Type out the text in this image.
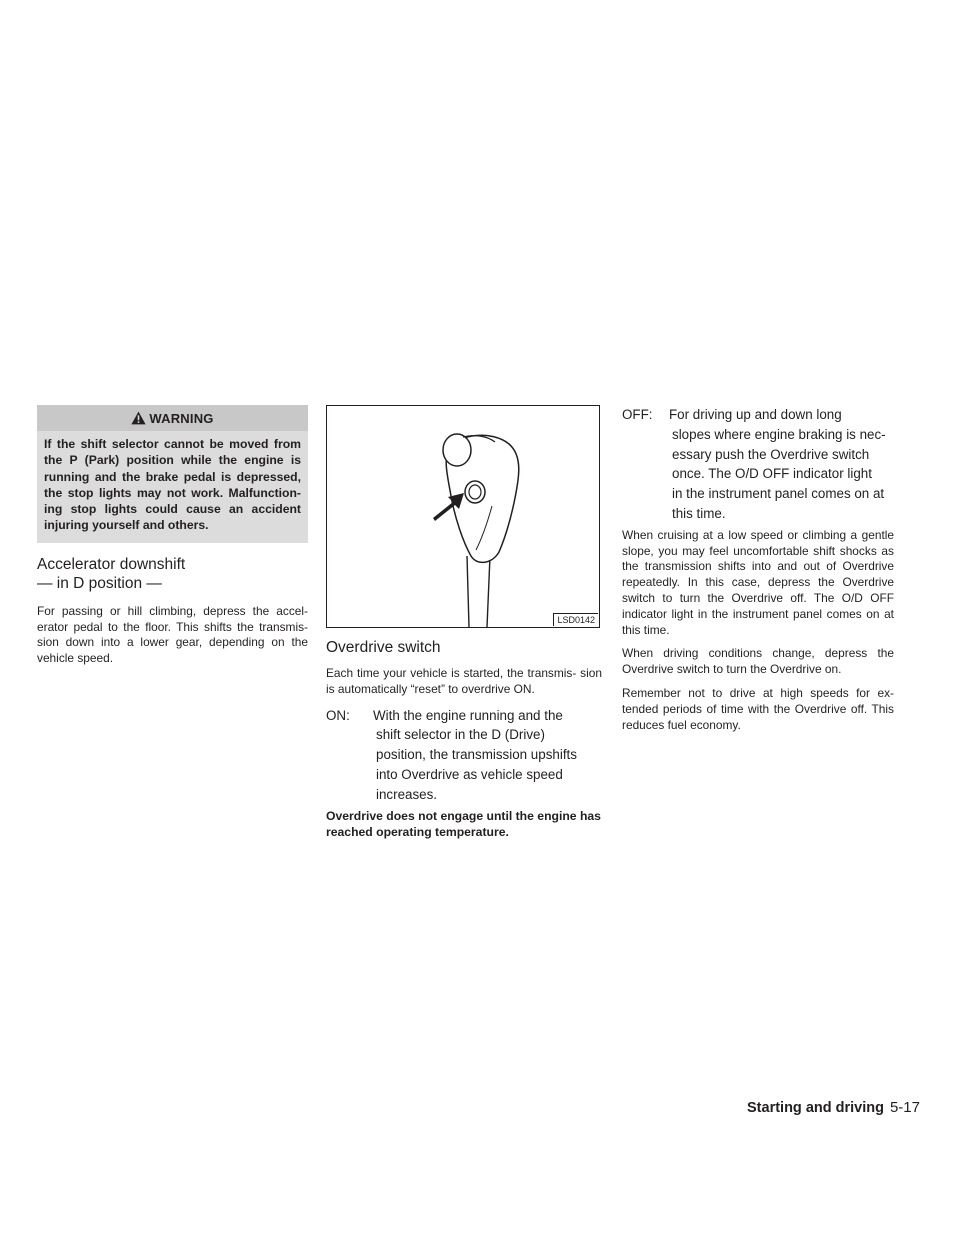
WARNING
If the shift selector cannot be moved from the P (Park) position while the engine is running and the brake pedal is depressed, the stop lights may not work. Malfunction- ing stop lights could cause an accident injuring yourself and others.
Accelerator downshift
— in D position —

For passing or hill climbing, depress the accel- erator pedal to the floor. This shifts the transmis- sion down into a lower gear, depending on the vehicle speed.

LSD0142
Overdrive switch

Each time your vehicle is started, the transmis- sion is automatically “reset” to overdrive ON.

ON: With the engine running and the
shift selector in the D (Drive)
position, the transmission upshifts
into Overdrive as vehicle speed
increases.

Overdrive does not engage until the engine has reached operating temperature.

OFF: For driving up and down long
slopes where engine braking is nec-
essary push the Overdrive switch
once. The O/D OFF indicator light
in the instrument panel comes on at
this time.

When cruising at a low speed or climbing a gentle slope, you may feel uncomfortable shift shocks as the transmission shifts into and out of Overdrive repeatedly. In this case, depress the Overdrive switch to turn the Overdrive off. The O/D OFF indicator light in the instrument panel comes on at this time.

When driving conditions change, depress the Overdrive switch to turn the Overdrive on.

Remember not to drive at high speeds for ex- tended periods of time with the Overdrive off. This reduces fuel economy.

Starting and driving 5-17
